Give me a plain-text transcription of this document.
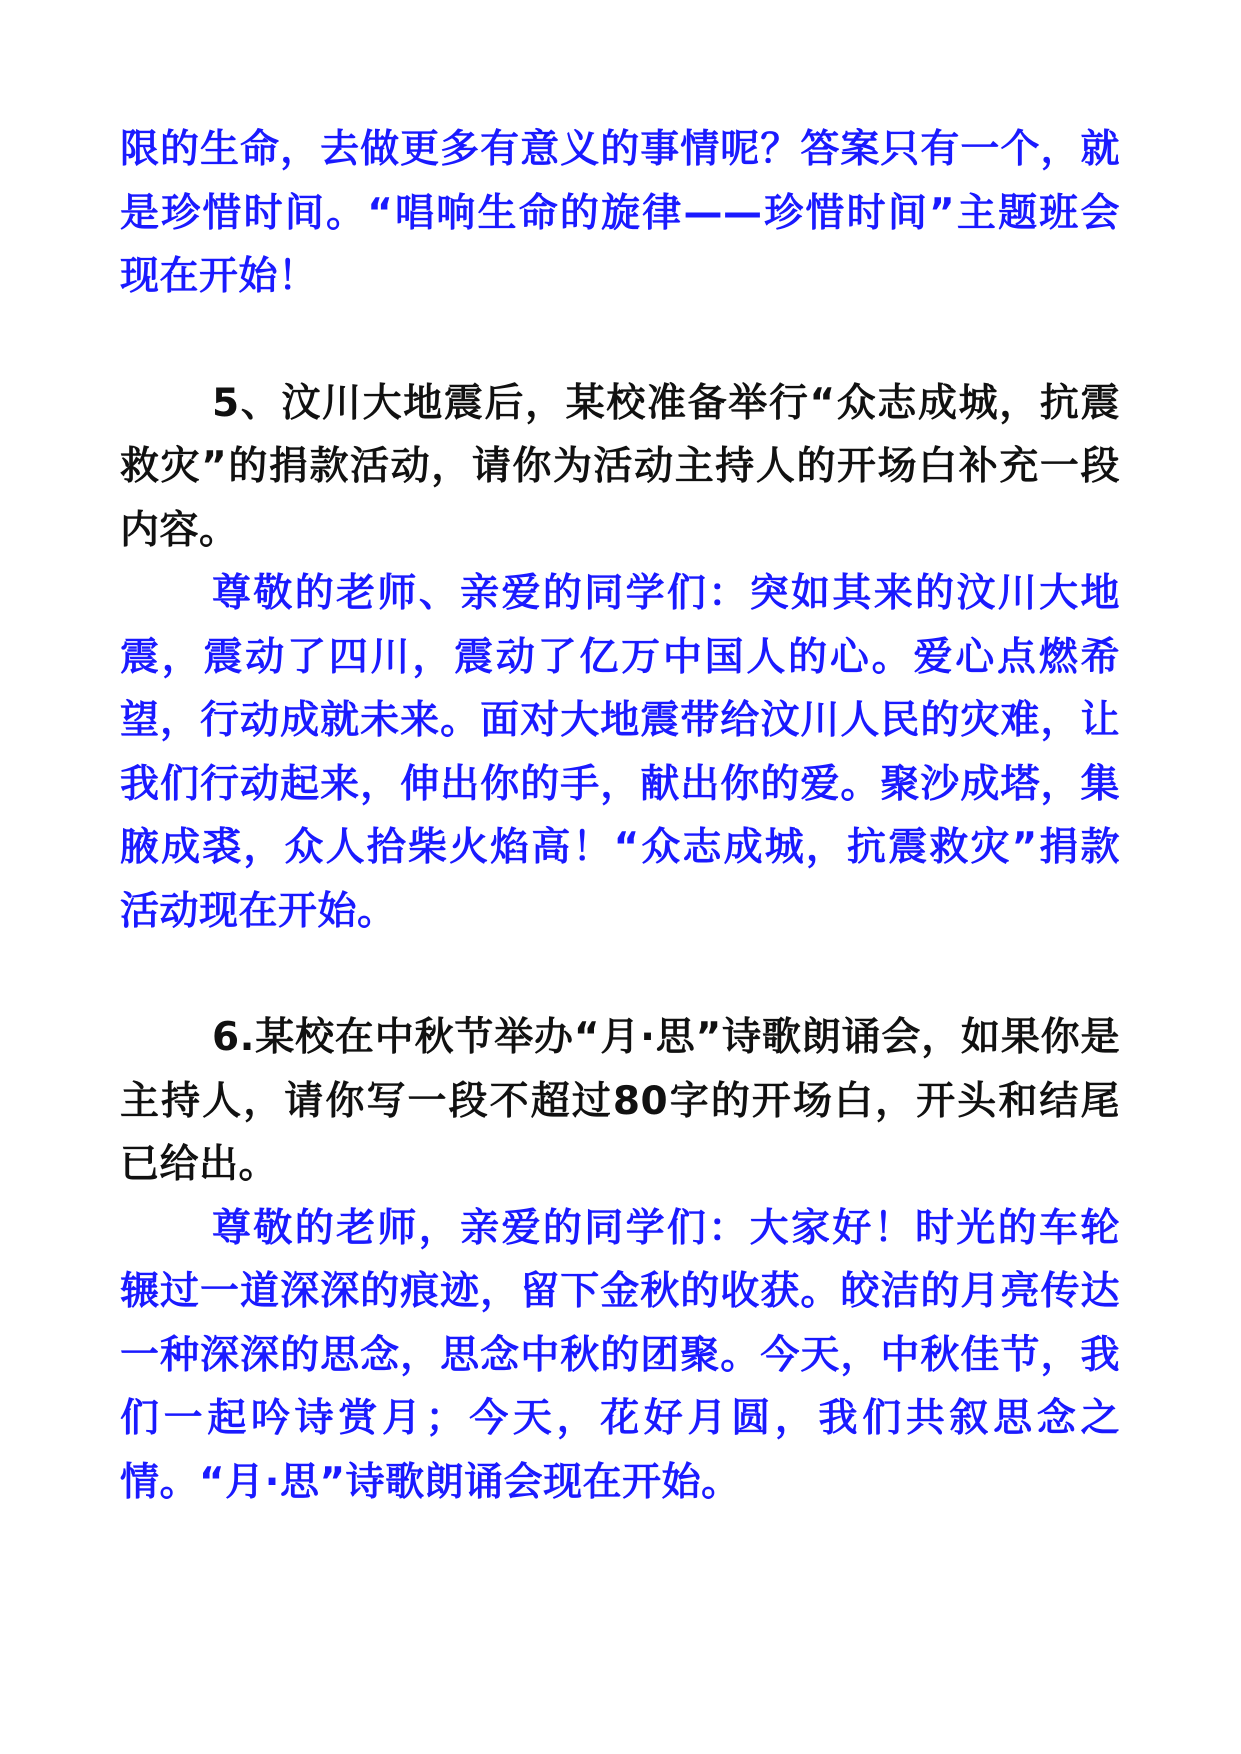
限的生命，去做更多有意义的事情呢？答案只有一个，就是珍惜时间。“唱响生命的旋律——珍惜时间”主题班会现在开始！

5、汶川大地震后，某校准备举行“众志成城，抗震救灾”的捐款活动，请你为活动主持人的开场白补充一段内容。

尊敬的老师、亲爱的同学们：突如其来的汶川大地震，震动了四川，震动了亿万中国人的心。爱心点燃希望，行动成就未来。面对大地震带给汶川人民的灾难，让我们行动起来，伸出你的手，献出你的爱。聚沙成塔，集腋成裘，众人拾柴火焰高！“众志成城，抗震救灾”捐款活动现在开始。

6.某校在中秋节举办“月·思”诗歌朗诵会，如果你是主持人，请你写一段不超过80字的开场白，开头和结尾已给出。

尊敬的老师，亲爱的同学们：大家好！时光的车轮辗过一道深深的痕迹，留下金秋的收获。皎洁的月亮传达一种深深的思念，思念中秋的团聚。今天，中秋佳节，我们一起吟诗赏月；今天，花好月圆，我们共叙思念之情。“月·思”诗歌朗诵会现在开始。
